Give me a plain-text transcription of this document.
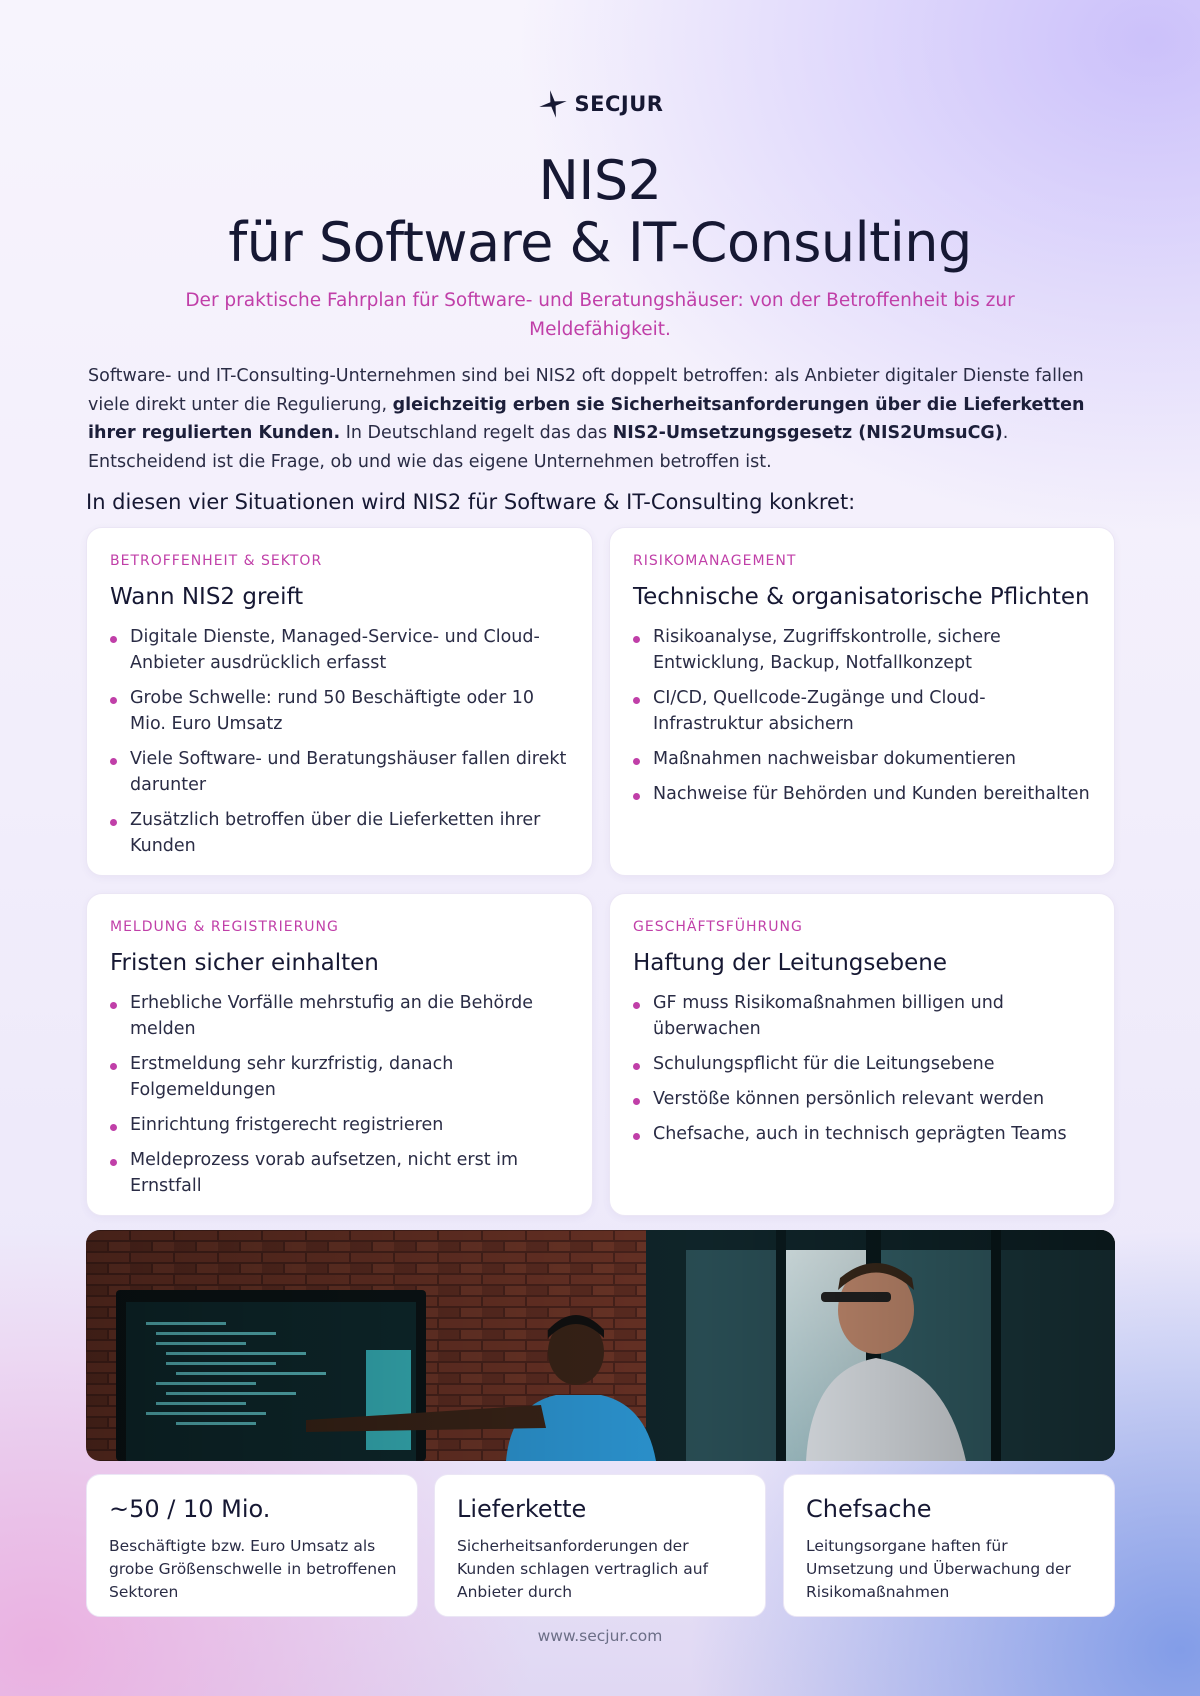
SECJUR
NIS2
für Software & IT-Consulting

Der praktische Fahrplan für Software- und Beratungshäuser: von der Betroffenheit bis zur Meldefähigkeit.

Software- und IT-Consulting-Unternehmen sind bei NIS2 oft doppelt betroffen: als Anbieter digitaler Dienste fallen viele direkt unter die Regulierung, gleichzeitig erben sie Sicherheitsanforderungen über die Lieferketten ihrer regulierten Kunden. In Deutschland regelt das das NIS2-Umsetzungsgesetz (NIS2UmsuCG). Entscheidend ist die Frage, ob und wie das eigene Unternehmen betroffen ist.

In diesen vier Situationen wird NIS2 für Software & IT-Consulting konkret:
BETROFFENHEIT & SEKTOR
Wann NIS2 greift
Digitale Dienste, Managed-Service- und Cloud-Anbieter ausdrücklich erfasst
Grobe Schwelle: rund 50 Beschäftigte oder 10 Mio. Euro Umsatz
Viele Software- und Beratungshäuser fallen direkt darunter
Zusätzlich betroffen über die Lieferketten ihrer Kunden
RISIKOMANAGEMENT
Technische & organisatorische Pflichten
Risikoanalyse, Zugriffskontrolle, sichere Entwicklung, Backup, Notfallkonzept
CI/CD, Quellcode-Zugänge und Cloud-Infrastruktur absichern
Maßnahmen nachweisbar dokumentieren
Nachweise für Behörden und Kunden bereithalten
MELDUNG & REGISTRIERUNG
Fristen sicher einhalten
Erhebliche Vorfälle mehrstufig an die Behörde melden
Erstmeldung sehr kurzfristig, danach Folgemeldungen
Einrichtung fristgerecht registrieren
Meldeprozess vorab aufsetzen, nicht erst im Ernstfall
GESCHÄFTSFÜHRUNG
Haftung der Leitungsebene
GF muss Risikomaßnahmen billigen und überwachen
Schulungspflicht für die Leitungsebene
Verstöße können persönlich relevant werden
Chefsache, auch in technisch geprägten Teams
~50 / 10 Mio.
Beschäftigte bzw. Euro Umsatz als grobe Größenschwelle in betroffenen Sektoren
Lieferkette
Sicherheitsanforderungen der Kunden schlagen vertraglich auf Anbieter durch
Chefsache
Leitungsorgane haften für Umsetzung und Überwachung der Risikomaßnahmen
www.secjur.com
